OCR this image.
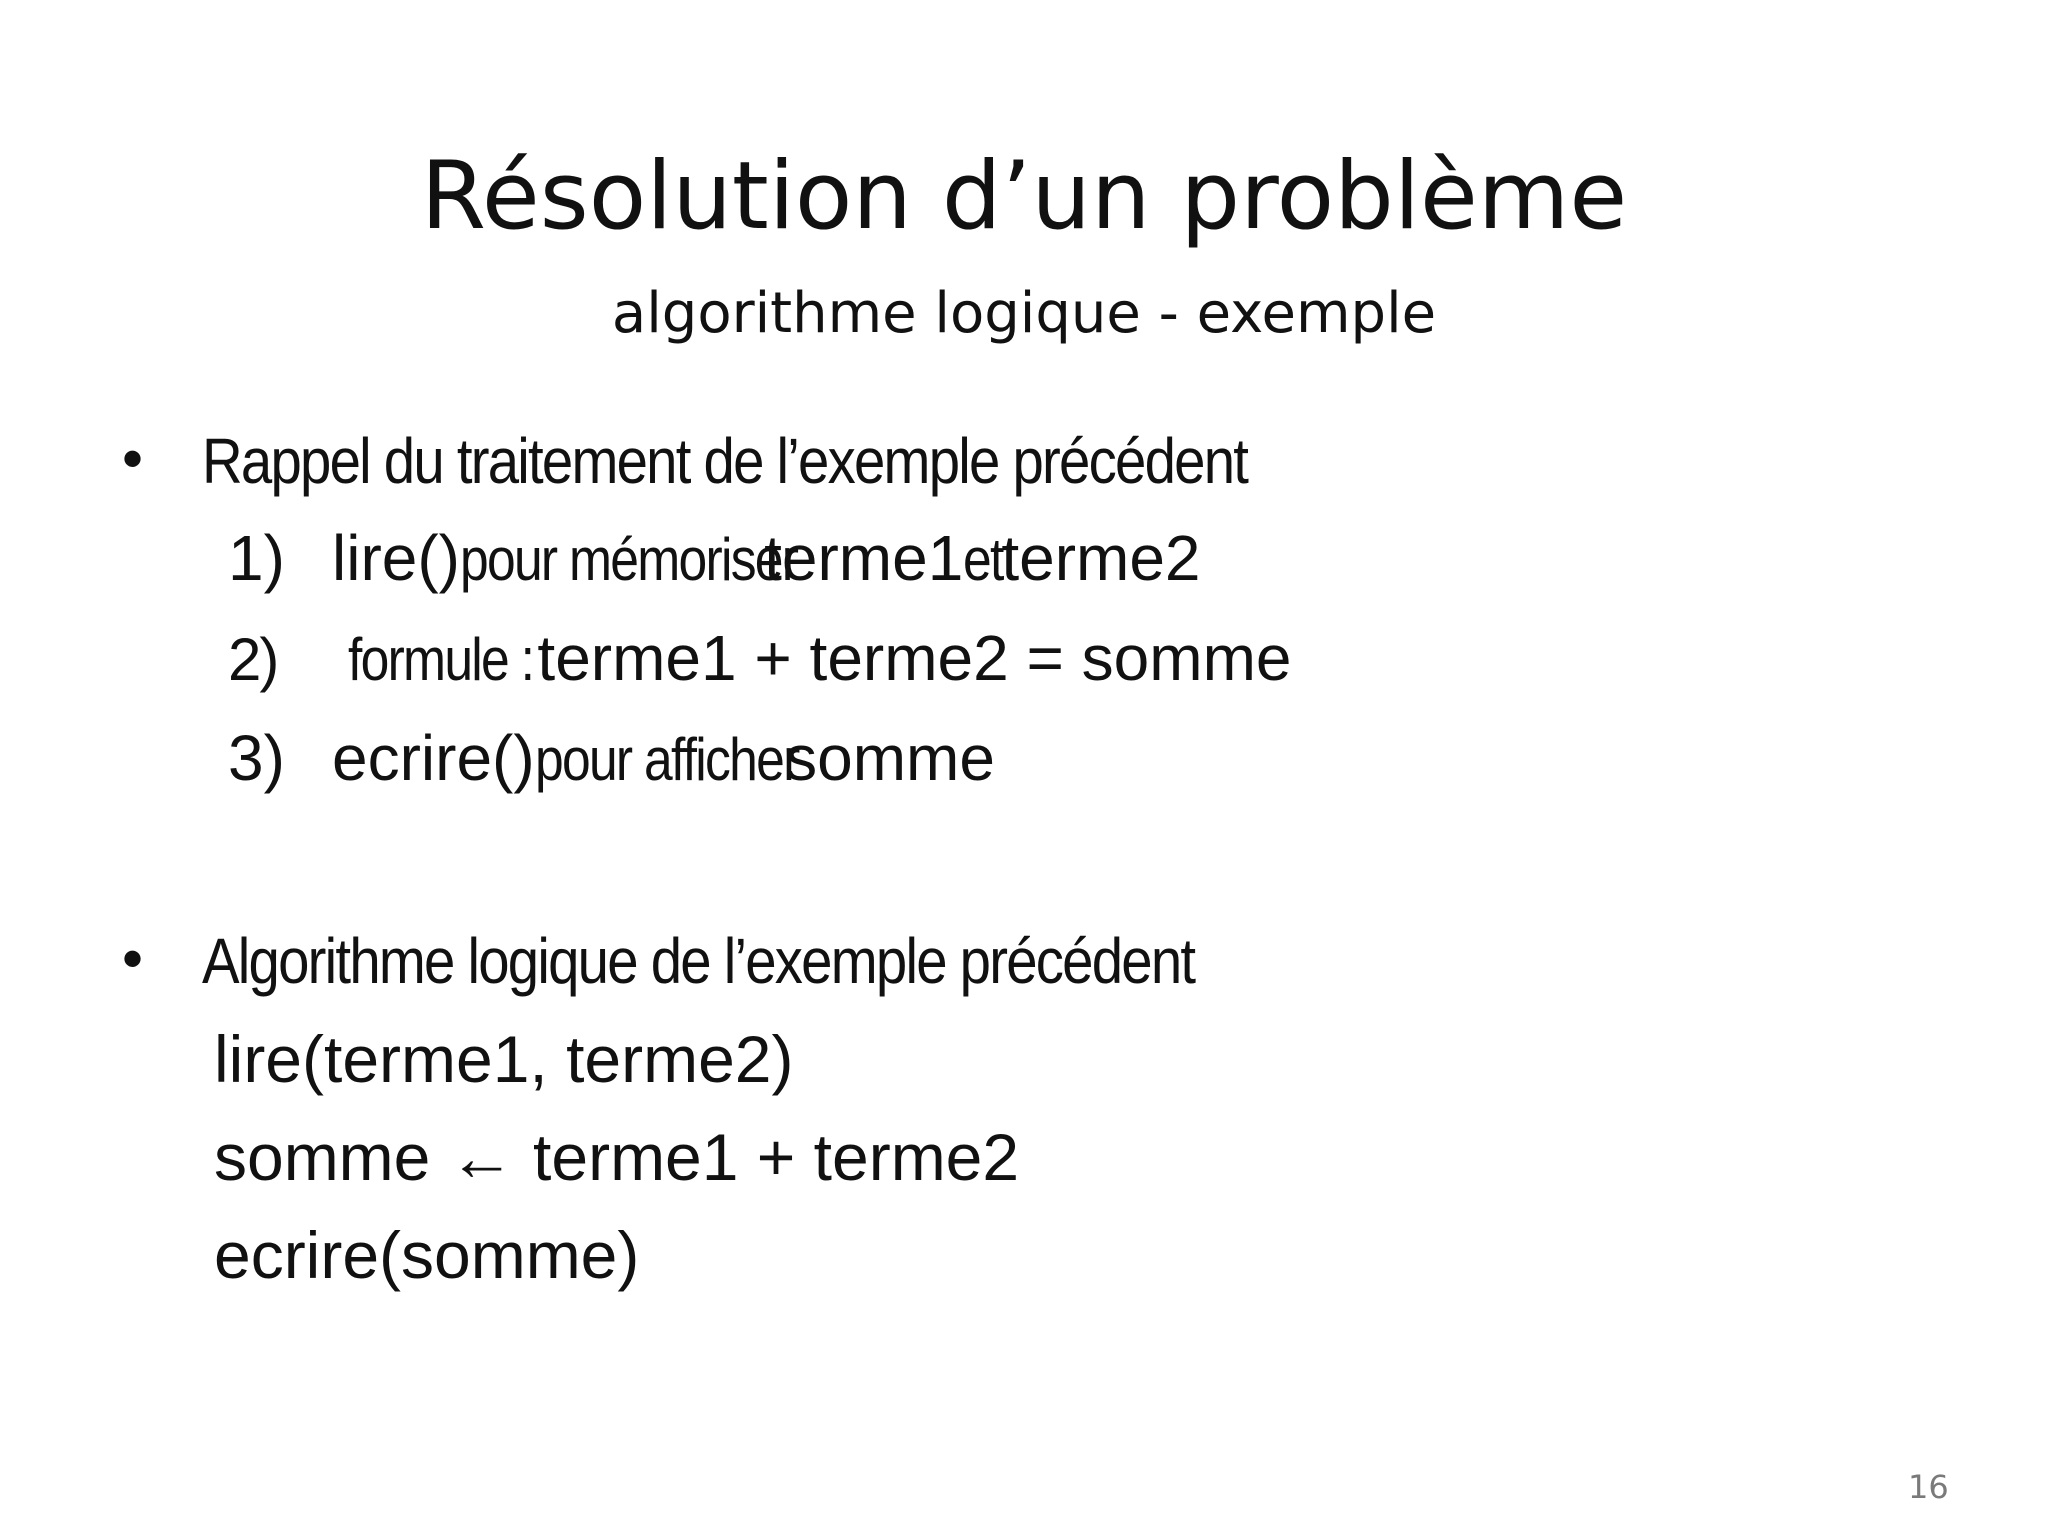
Résolution d’un problème
algorithme logique - exemple
• Rappel du traitement de l’exemple précédent
1) lire()pour mémoriserterme1etterme2
2) formule :terme1 + terme2 = somme
3) ecrire()pour affichersomme
• Algorithme logique de l’exemple précédent
lire(terme1, terme2)
somme ← terme1 + terme2
ecrire(somme)
16
